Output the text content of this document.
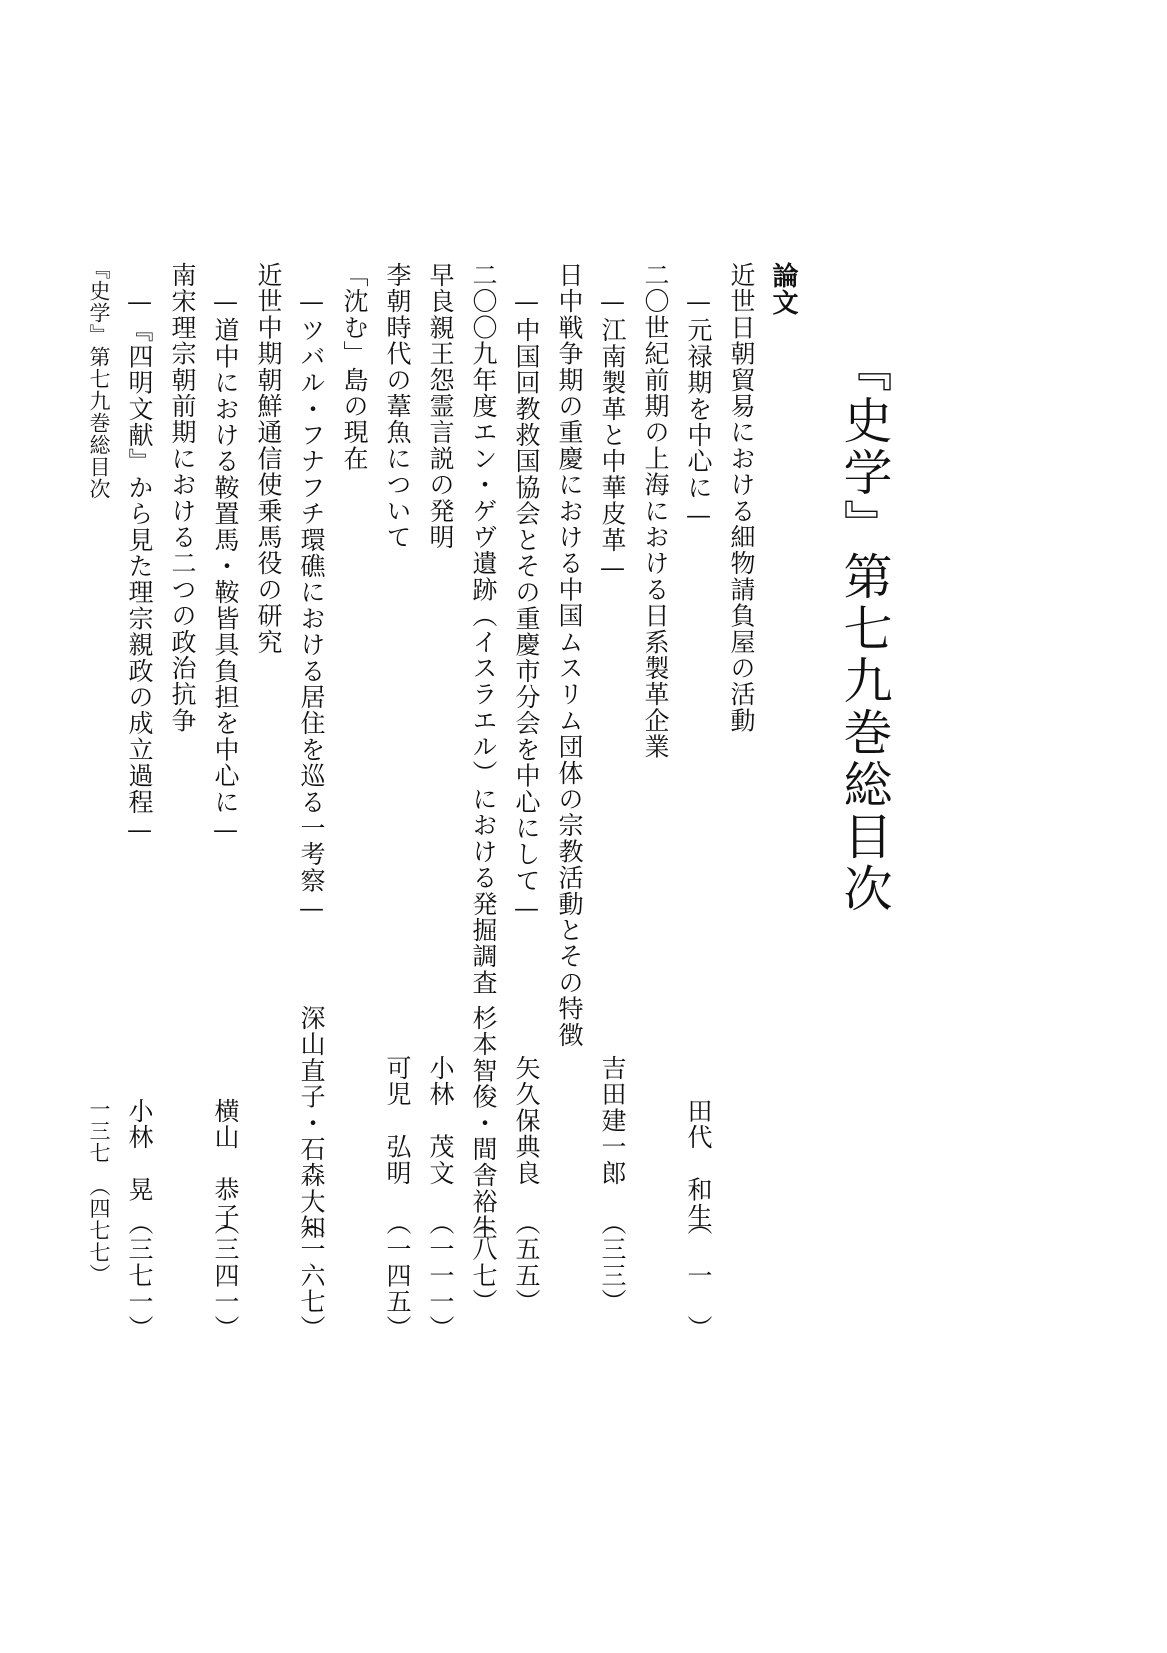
『史学』第七九巻総目次
論文
近世日朝貿易における細物請負屋の活動
—元禄期を中心に—
田代　和生
（　一　）
二〇世紀前期の上海における日系製革企業
—江南製革と中華皮革—
吉田建一郎
（三三）
日中戦争期の重慶における中国ムスリム団体の宗教活動とその特徴
—中国回教救国協会とその重慶市分会を中心にして—
矢久保典良
（五五）
二〇〇九年度エン・ゲヴ遺跡（イスラエル）における発掘調査
杉本智俊・間舎裕生
（八七）
早良親王怨霊言説の発明
小林　茂文
（一一一）
李朝時代の葦魚について
可児　弘明
（一四五）
「沈む」島の現在
—ツバル・フナフチ環礁における居住を巡る一考察—
深山直子・石森大知
（一六七）
近世中期朝鮮通信使乗馬役の研究
—道中における鞍置馬・鞍皆具負担を中心に—
横山　恭子
（三四一）
南宋理宗朝前期における二つの政治抗争
—『四明文献』から見た理宗親政の成立過程—
小林　晃
（三七一）
『史学』第七九巻総目次
一三七　（四七七）
